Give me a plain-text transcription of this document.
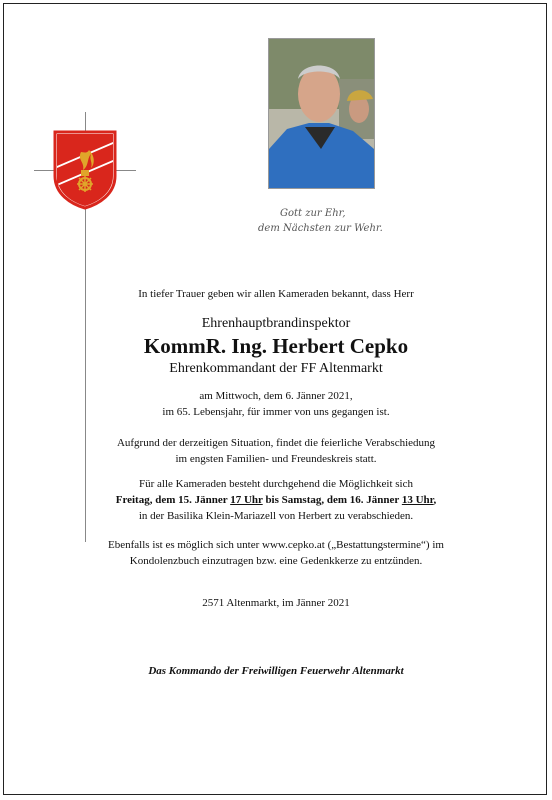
Gott zur Ehr,
dem Nächsten zur Wehr.
In tiefer Trauer geben wir allen Kameraden bekannt, dass Herr
Ehrenhauptbrandinspektor
KommR. Ing. Herbert Cepko
Ehrenkommandant der FF Altenmarkt
am Mittwoch, dem 6. Jänner 2021,
im 65. Lebensjahr, für immer von uns gegangen ist.
Aufgrund der derzeitigen Situation, findet die feierliche Verabschiedung
im engsten Familien- und Freundeskreis statt.
Für alle Kameraden besteht durchgehend die Möglichkeit sich
Freitag, dem 15. Jänner 17 Uhr bis Samstag, dem 16. Jänner 13 Uhr,
in der Basilika Klein-Mariazell von Herbert zu verabschieden.
Ebenfalls ist es möglich sich unter www.cepko.at („Bestattungstermine“) im
Kondolenzbuch einzutragen bzw. eine Gedenkkerze zu entzünden.
2571 Altenmarkt, im Jänner 2021
Das Kommando der Freiwilligen Feuerwehr Altenmarkt
